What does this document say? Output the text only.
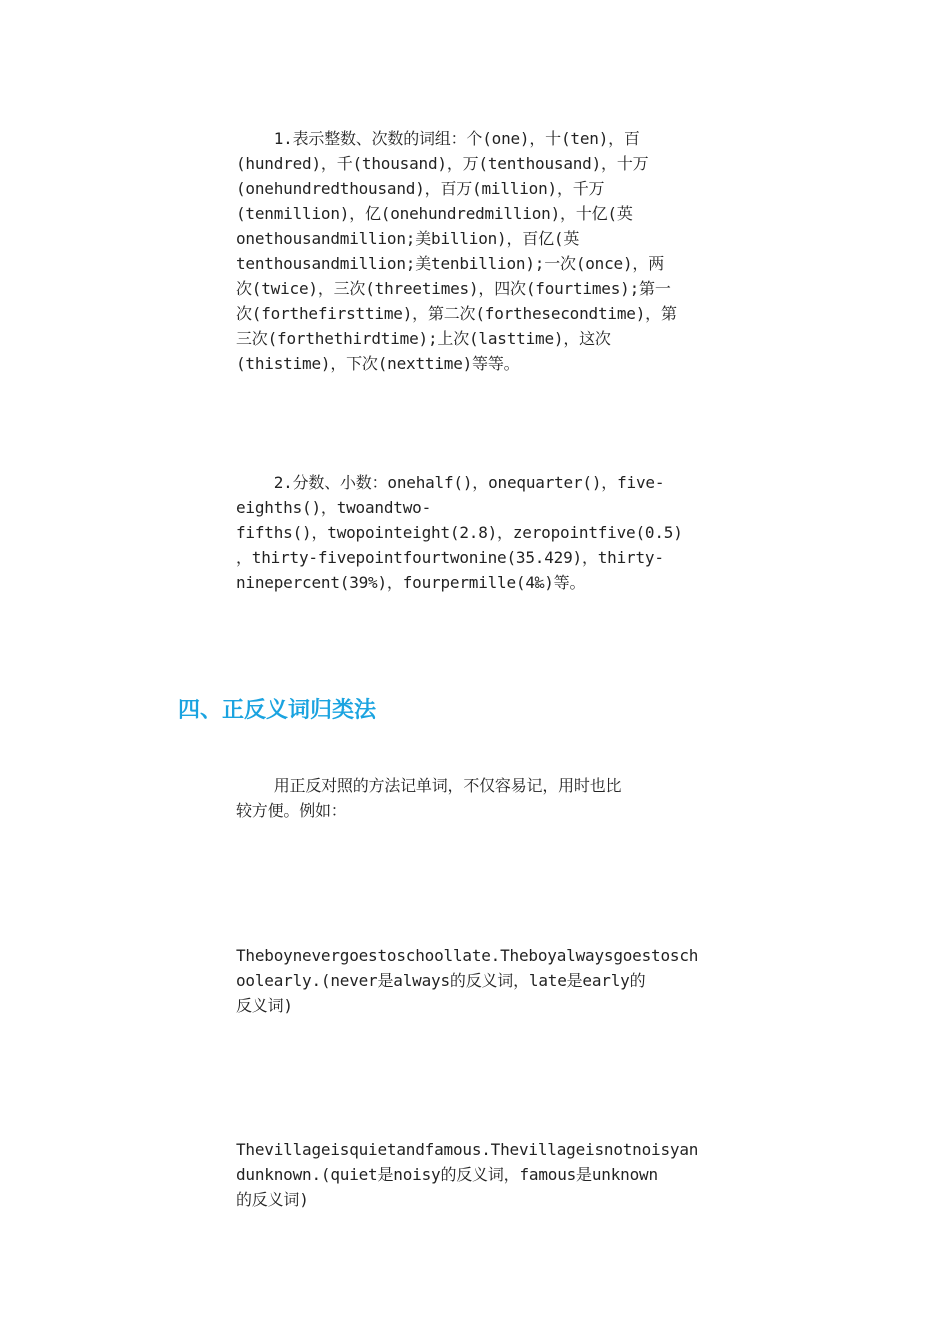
1.表示整数、次数的词组：个(one)，十(ten)，百
(hundred)，千(thousand)，万(tenthousand)，十万
(onehundredthousand)，百万(million)，千万
(tenmillion)，亿(onehundredmillion)，十亿(英
onethousandmillion;美billion)，百亿(英
tenthousandmillion;美tenbillion);一次(once)，两
次(twice)，三次(threetimes)，四次(fourtimes);第一
次(forthefirsttime)，第二次(forthesecondtime)，第
三次(forthethirdtime);上次(lasttime)，这次
(thistime)，下次(nexttime)等等。
2.分数、小数：onehalf()，onequarter()，five-
eighths()，twoandtwo-
fifths()，twopointeight(2.8)，zeropointfive(0.5)
，thirty-fivepointfourtwonine(35.429)，thirty-
ninepercent(39%)，fourpermille(4‰)等。
四、正反义词归类法
用正反对照的方法记单词，不仅容易记，用时也比
较方便。例如：
Theboynevergoestoschoollate.Theboyalwaysgoestosch
oolearly.(never是always的反义词，late是early的
反义词)
Thevillageisquietandfamous.Thevillageisnotnoisyan
dunknown.(quiet是noisy的反义词，famous是unknown
的反义词)
